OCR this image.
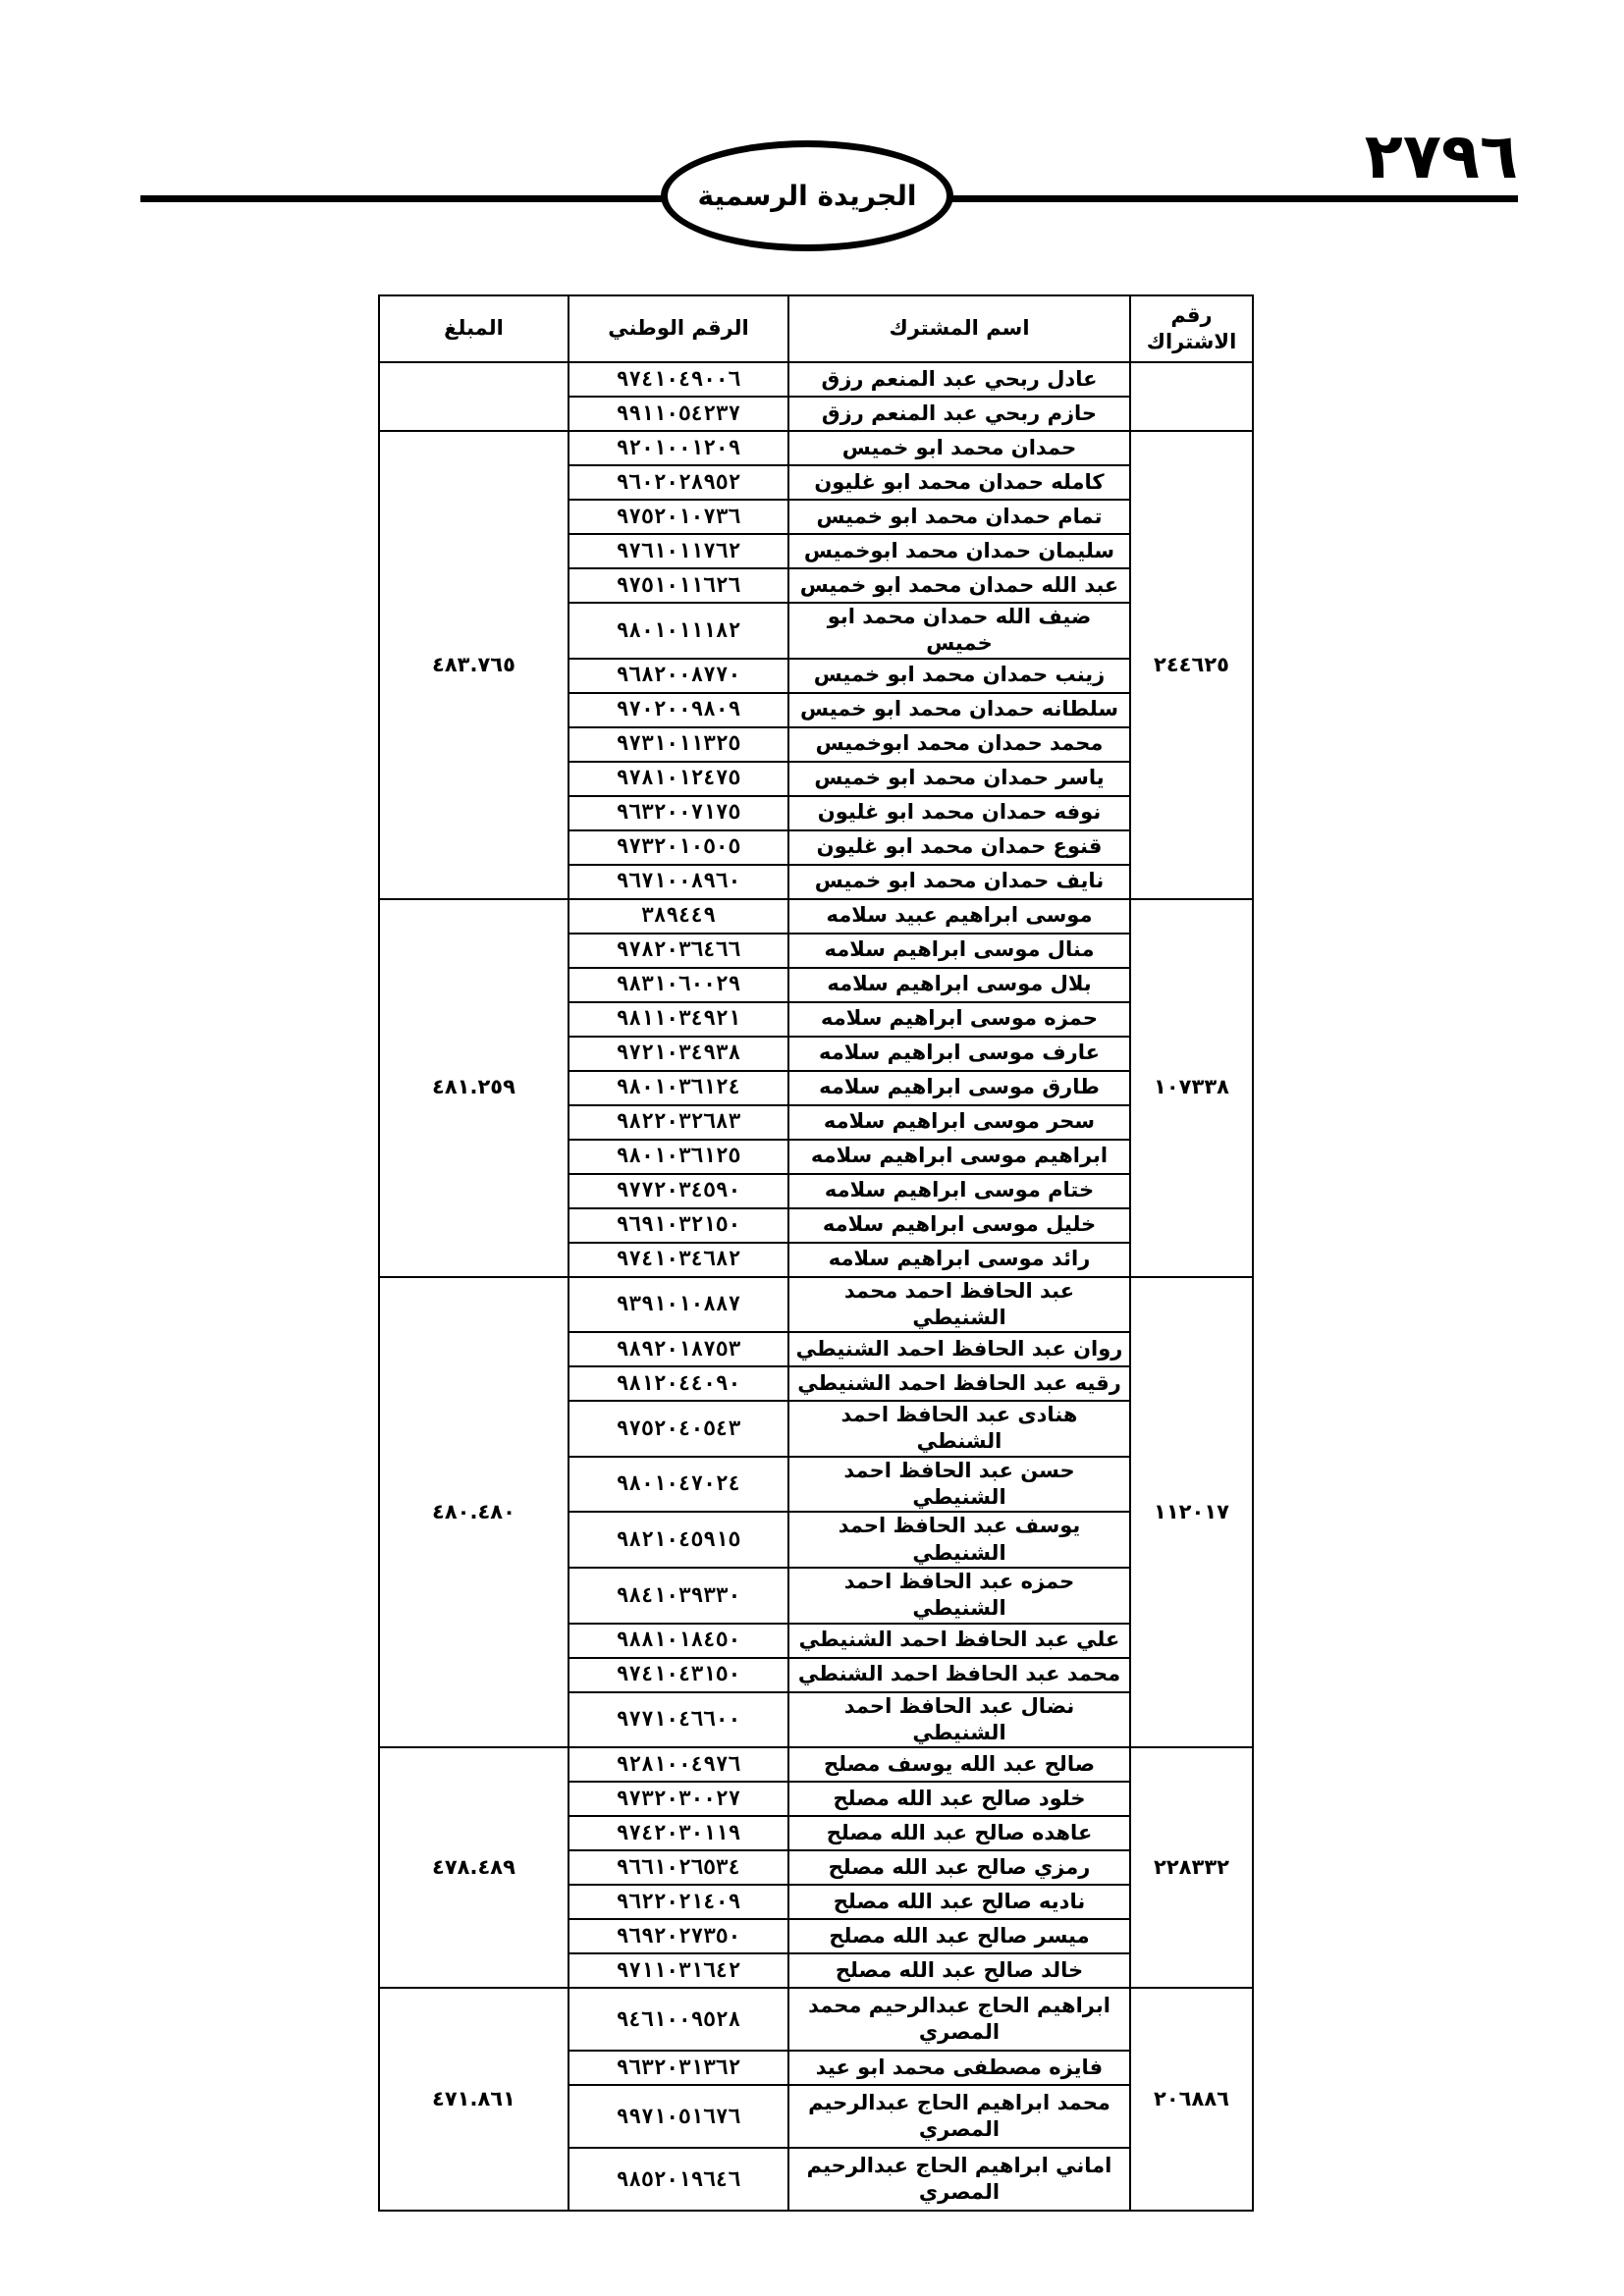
٢٧٩٦
الجريدة الرسمية
رقم الاشتراك	اسم المشترك	الرقم الوطني	المبلغ
	عادل ربحي عبد المنعم رزق	٩٧٤١٠٤٩٠٠٦	
	حازم ربحي عبد المنعم رزق	٩٩١١٠٥٤٢٣٧	
٢٤٤٦٢٥	حمدان محمد ابو خميس	٩٢٠١٠٠١٢٠٩	٤٨٣.٧٦٥
	كامله حمدان محمد ابو غليون	٩٦٠٢٠٢٨٩٥٢	
	تمام حمدان محمد ابو خميس	٩٧٥٢٠١٠٧٣٦	
	سليمان حمدان محمد ابوخميس	٩٧٦١٠١١٧٦٢	
	عبد الله حمدان محمد ابو خميس	٩٧٥١٠١١٦٢٦	
	ضيف الله حمدان محمد ابو خميس	٩٨٠١٠١١١٨٢	
	زينب حمدان محمد ابو خميس	٩٦٨٢٠٠٨٧٧٠	
	سلطانه حمدان محمد ابو خميس	٩٧٠٢٠٠٩٨٠٩	
	محمد حمدان محمد ابوخميس	٩٧٣١٠١١٣٢٥	
	ياسر حمدان محمد ابو خميس	٩٧٨١٠١٢٤٧٥	
	نوفه حمدان محمد ابو غليون	٩٦٣٢٠٠٧١٧٥	
	قنوع حمدان محمد ابو غليون	٩٧٣٢٠١٠٥٠٥	
	نايف حمدان محمد ابو خميس	٩٦٧١٠٠٨٩٦٠	
١٠٧٣٣٨	موسى ابراهيم عبيد سلامه	٣٨٩٤٤٩	٤٨١.٢٥٩
	منال موسى ابراهيم سلامه	٩٧٨٢٠٣٦٤٦٦	
	بلال موسى ابراهيم سلامه	٩٨٣١٠٦٠٠٢٩	
	حمزه موسى ابراهيم سلامه	٩٨١١٠٣٤٩٢١	
	عارف موسى ابراهيم سلامه	٩٧٢١٠٣٤٩٣٨	
	طارق موسى ابراهيم سلامه	٩٨٠١٠٣٦١٢٤	
	سحر موسى ابراهيم سلامه	٩٨٢٢٠٣٢٦٨٣	
	ابراهيم موسى ابراهيم سلامه	٩٨٠١٠٣٦١٢٥	
	ختام موسى ابراهيم سلامه	٩٧٧٢٠٣٤٥٩٠	
	خليل موسى ابراهيم سلامه	٩٦٩١٠٣٢١٥٠	
	رائد موسى ابراهيم سلامه	٩٧٤١٠٣٤٦٨٢	
١١٢٠١٧	عبد الحافظ احمد محمد الشنيطي	٩٣٩١٠١٠٨٨٧	٤٨٠.٤٨٠
	روان عبد الحافظ احمد الشنيطي	٩٨٩٢٠١٨٧٥٣	
	رقيه عبد الحافظ احمد الشنيطي	٩٨١٢٠٤٤٠٩٠	
	هنادى عبد الحافظ احمد الشنطي	٩٧٥٢٠٤٠٥٤٣	
	حسن عبد الحافظ احمد الشنيطي	٩٨٠١٠٤٧٠٢٤	
	يوسف عبد الحافظ احمد الشنيطي	٩٨٢١٠٤٥٩١٥	
	حمزه عبد الحافظ احمد الشنيطي	٩٨٤١٠٣٩٣٣٠	
	علي عبد الحافظ احمد الشنيطي	٩٨٨١٠١٨٤٥٠	
	محمد عبد الحافظ احمد الشنطي	٩٧٤١٠٤٣١٥٠	
	نضال عبد الحافظ احمد الشنيطي	٩٧٧١٠٤٦٦٠٠	
٢٢٨٣٣٢	صالح عبد الله يوسف مصلح	٩٢٨١٠٠٤٩٧٦	٤٧٨.٤٨٩
	خلود صالح عبد الله مصلح	٩٧٣٢٠٣٠٠٢٧	
	عاهده صالح عبد الله مصلح	٩٧٤٢٠٣٠١١٩	
	رمزي صالح عبد الله مصلح	٩٦٦١٠٢٦٥٣٤	
	ناديه صالح عبد الله مصلح	٩٦٢٢٠٢١٤٠٩	
	ميسر صالح عبد الله مصلح	٩٦٩٢٠٢٧٣٥٠	
	خالد صالح عبد الله مصلح	٩٧١١٠٣١٦٤٢	
٢٠٦٨٨٦	ابراهيم الحاج عبدالرحيم محمد المصري	٩٤٦١٠٠٩٥٢٨	٤٧١.٨٦١
	فايزه مصطفى محمد ابو عيد	٩٦٣٢٠٣١٣٦٢	
	محمد ابراهيم الحاج عبدالرحيم المصري	٩٩٧١٠٥١٦٧٦	
	اماني ابراهيم الحاج عبدالرحيم المصري	٩٨٥٢٠١٩٦٤٦	
